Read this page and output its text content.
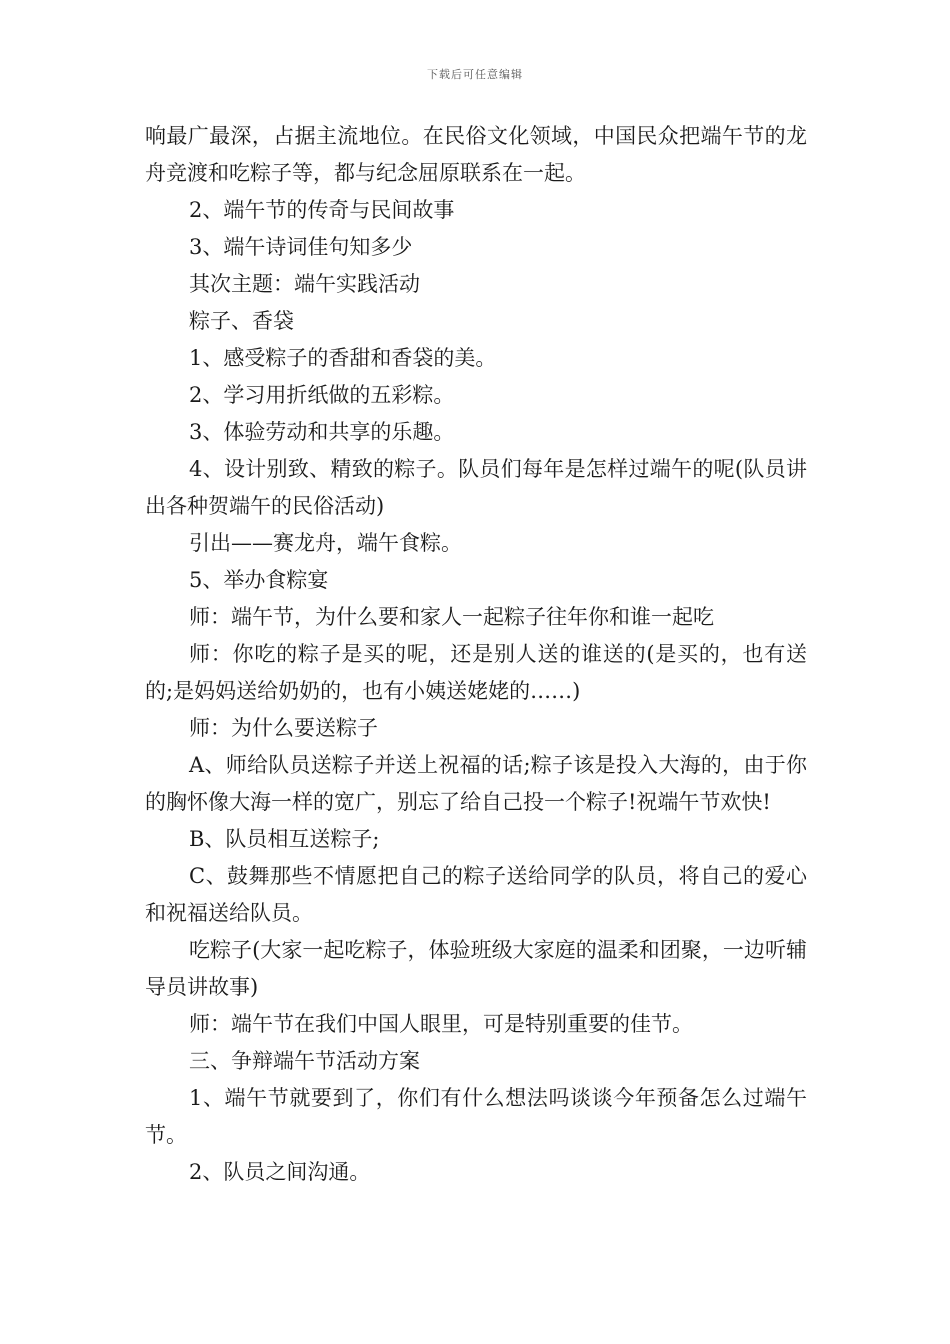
下载后可任意编辑

响最广最深，占据主流地位。在民俗文化领域，中国民众把端午节的龙舟竞渡和吃粽子等，都与纪念屈原联系在一起。

2、端午节的传奇与民间故事

3、端午诗词佳句知多少

其次主题：端午实践活动

粽子、香袋

1、感受粽子的香甜和香袋的美。

2、学习用折纸做的五彩粽。

3、体验劳动和共享的乐趣。

4、设计别致、精致的粽子。队员们每年是怎样过端午的呢(队员讲出各种贺端午的民俗活动)

引出——赛龙舟，端午食粽。

5、举办食粽宴

师：端午节，为什么要和家人一起粽子往年你和谁一起吃

师：你吃的粽子是买的呢，还是别人送的谁送的(是买的，也有送的;是妈妈送给奶奶的，也有小姨送姥姥的……)

师：为什么要送粽子

A、师给队员送粽子并送上祝福的话;粽子该是投入大海的，由于你的胸怀像大海一样的宽广，别忘了给自己投一个粽子!祝端午节欢快!

B、队员相互送粽子;

C、鼓舞那些不情愿把自己的粽子送给同学的队员，将自己的爱心和祝福送给队员。

吃粽子(大家一起吃粽子，体验班级大家庭的温柔和团聚，一边听辅导员讲故事)

师：端午节在我们中国人眼里，可是特别重要的佳节。

三、争辩端午节活动方案

1、端午节就要到了，你们有什么想法吗谈谈今年预备怎么过端午节。

2、队员之间沟通。
